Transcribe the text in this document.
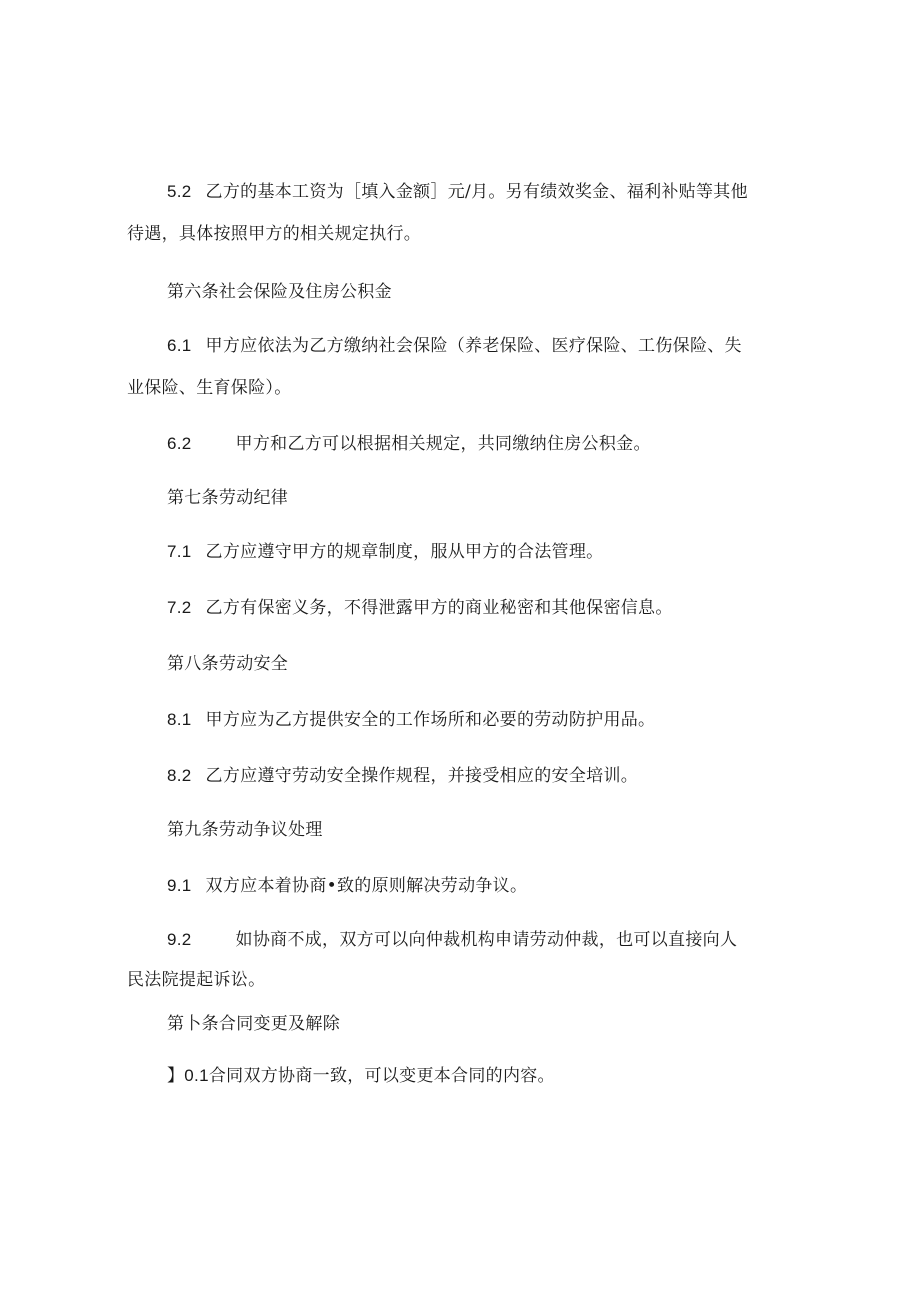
5.2 乙方的基本工资为［填入金额］元/月。另有绩效奖金、福利补贴等其他
待遇，具体按照甲方的相关规定执行。
第六条社会保险及住房公积金
6.1 甲方应依法为乙方缴纳社会保险（养老保险、医疗保险、工伤保险、失
业保险、生育保险）。
6.2	甲方和乙方可以根据相关规定，共同缴纳住房公积金。
第七条劳动纪律
7.1 乙方应遵守甲方的规章制度，服从甲方的合法管理。
7.2 乙方有保密义务，不得泄露甲方的商业秘密和其他保密信息。
第八条劳动安全
8.1 甲方应为乙方提供安全的工作场所和必要的劳动防护用品。
8.2 乙方应遵守劳动安全操作规程，并接受相应的安全培训。
第九条劳动争议处理
9.1 双方应本着协商•致的原则解决劳动争议。
9.2	如协商不成，双方可以向仲裁机构申请劳动仲裁，也可以直接向人
民法院提起诉讼。
第卜条合同变更及解除
】0.1合同双方协商一致，可以变更本合同的内容。
